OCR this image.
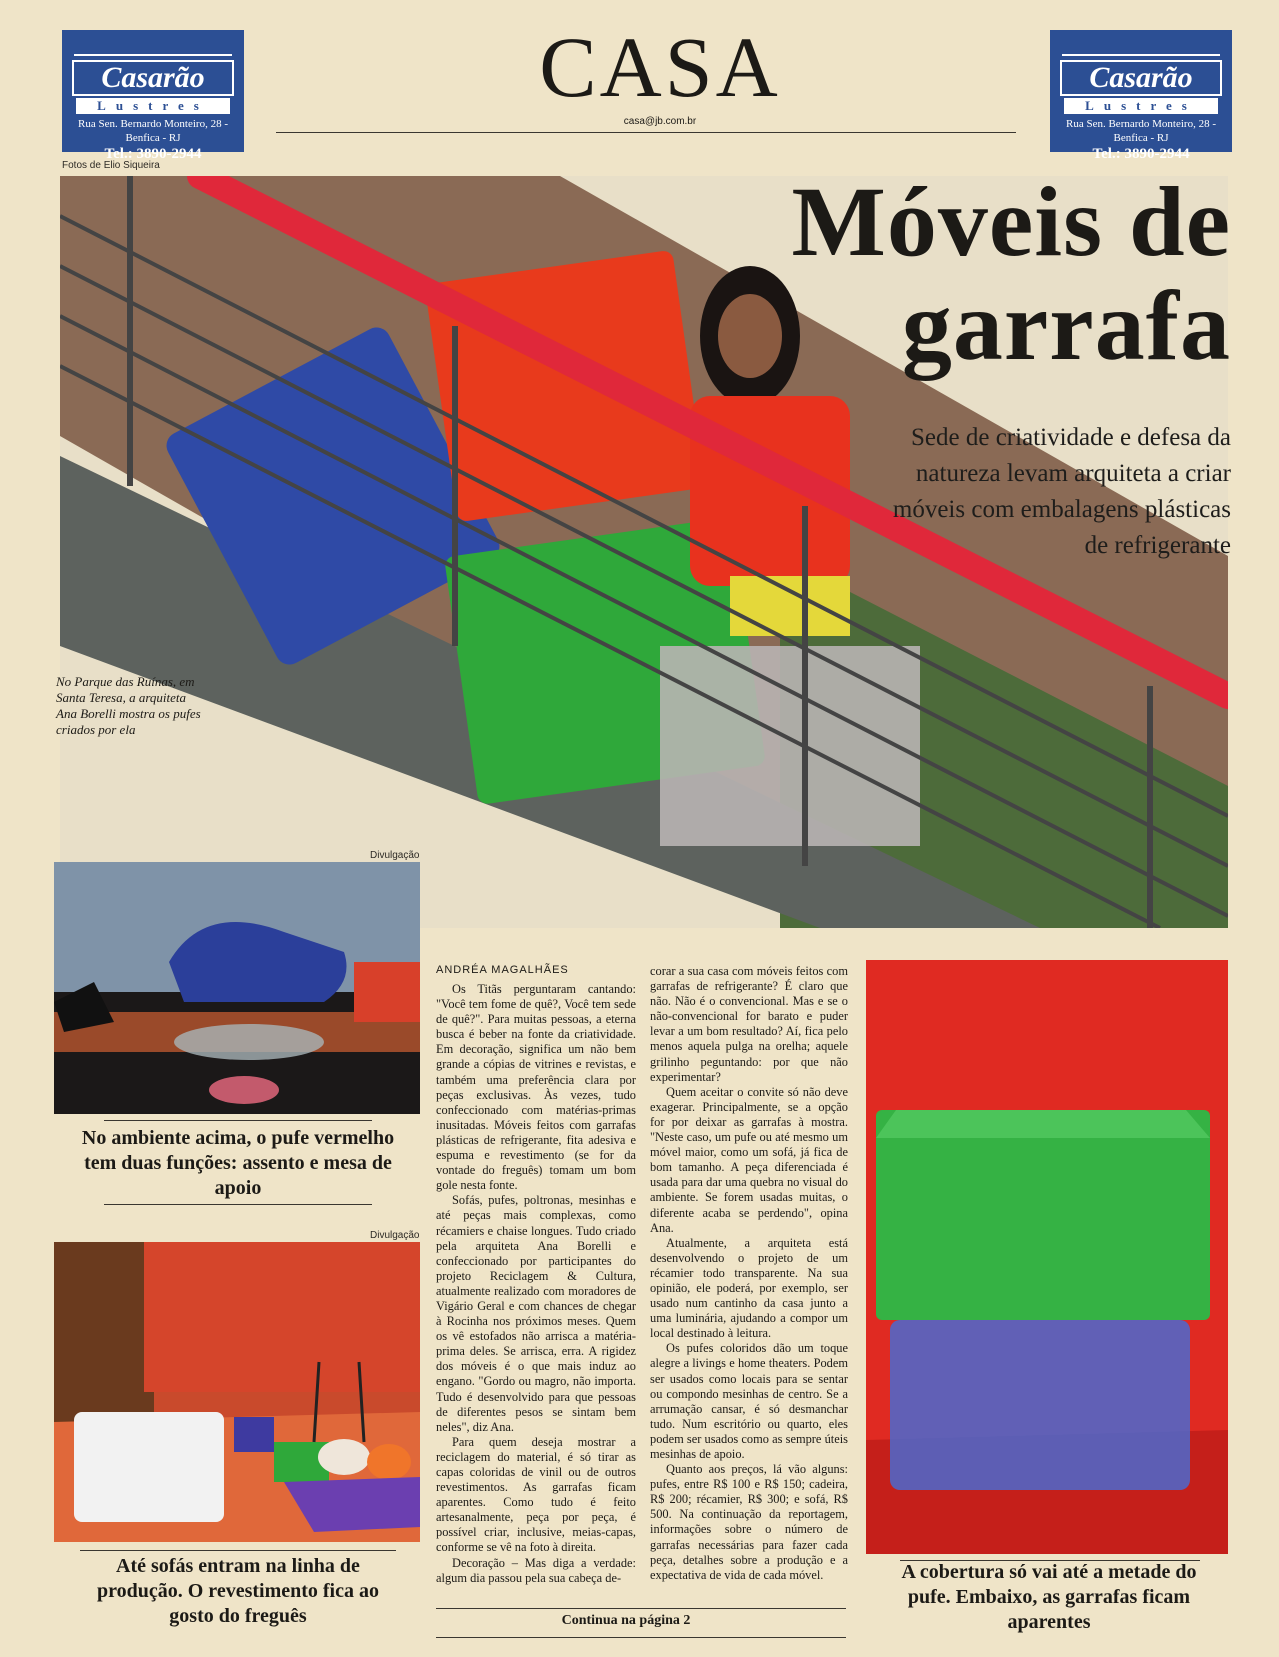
Casarão
Lustres
Rua Sen. Bernardo Monteiro, 28 - Benfica - RJ
Tel.: 3890-2944
Casarão
Lustres
Rua Sen. Bernardo Monteiro, 28 - Benfica - RJ
Tel.: 3890-2944
CASA
casa@jb.com.br
Fotos de Elio Siqueira
Móveis de
garrafa
Sede de criatividade e defesa da natureza levam arquiteta a criar móveis com embalagens plásticas de refrigerante
No Parque das Ruínas, em Santa Teresa, a arquiteta Ana Borelli mostra os pufes criados por ela
Divulgação
No ambiente acima, o pufe vermelho tem duas funções: assento e mesa de apoio
Divulgação
Até sofás entram na linha de produção. O revestimento fica ao gosto do freguês
ANDRÉA MAGALHÃES

Os Titãs perguntaram cantando: "Você tem fome de quê?, Você tem sede de quê?". Para muitas pessoas, a eterna busca é beber na fonte da criatividade. Em decoração, significa um não bem grande a cópias de vitrines e revistas, e também uma preferência clara por peças exclusivas. Às vezes, tudo confeccionado com matérias-primas inusitadas. Móveis feitos com garrafas plásticas de refrigerante, fita adesiva e espuma e revestimento (se for da vontade do freguês) tomam um bom gole nesta fonte.

Sofás, pufes, poltronas, mesinhas e até peças mais complexas, como récamiers e chaise longues. Tudo criado pela arquiteta Ana Borelli e confeccionado por participantes do projeto Reciclagem & Cultura, atualmente realizado com moradores de Vigário Geral e com chances de chegar à Rocinha nos próximos meses. Quem os vê estofados não arrisca a matéria-prima deles. Se arrisca, erra. A rigidez dos móveis é o que mais induz ao engano. "Gordo ou magro, não importa. Tudo é desenvolvido para que pessoas de diferentes pesos se sintam bem neles", diz Ana.

Para quem deseja mostrar a reciclagem do material, é só tirar as capas coloridas de vinil ou de outros revestimentos. As garrafas ficam aparentes. Como tudo é feito artesanalmente, peça por peça, é possível criar, inclusive, meias-capas, conforme se vê na foto à direita.

Decoração – Mas diga a verdade: algum dia passou pela sua cabeça de-

corar a sua casa com móveis feitos com garrafas de refrigerante? É claro que não. Não é o convencional. Mas e se o não-convencional for barato e puder levar a um bom resultado? Aí, fica pelo menos aquela pulga na orelha; aquele grilinho peguntando: por que não experimentar?

Quem aceitar o convite só não deve exagerar. Principalmente, se a opção for por deixar as garrafas à mostra. "Neste caso, um pufe ou até mesmo um móvel maior, como um sofá, já fica de bom tamanho. A peça diferenciada é usada para dar uma quebra no visual do ambiente. Se forem usadas muitas, o diferente acaba se perdendo", opina Ana.

Atualmente, a arquiteta está desenvolvendo o projeto de um récamier todo transparente. Na sua opinião, ele poderá, por exemplo, ser usado num cantinho da casa junto a uma luminária, ajudando a compor um local destinado à leitura.

Os pufes coloridos dão um toque alegre a livings e home theaters. Podem ser usados como locais para se sentar ou compondo mesinhas de centro. Se a arrumação cansar, é só desmanchar tudo. Num escritório ou quarto, eles podem ser usados como as sempre úteis mesinhas de apoio.

Quanto aos preços, lá vão alguns: pufes, entre R$ 100 e R$ 150; cadeira, R$ 200; récamier, R$ 300; e sofá, R$ 500. Na continuação da reportagem, informações sobre o número de garrafas necessárias para fazer cada peça, detalhes sobre a produção e a expectativa de vida de cada móvel.

Continua na página 2
A cobertura só vai até a metade do pufe. Embaixo, as garrafas ficam aparentes
